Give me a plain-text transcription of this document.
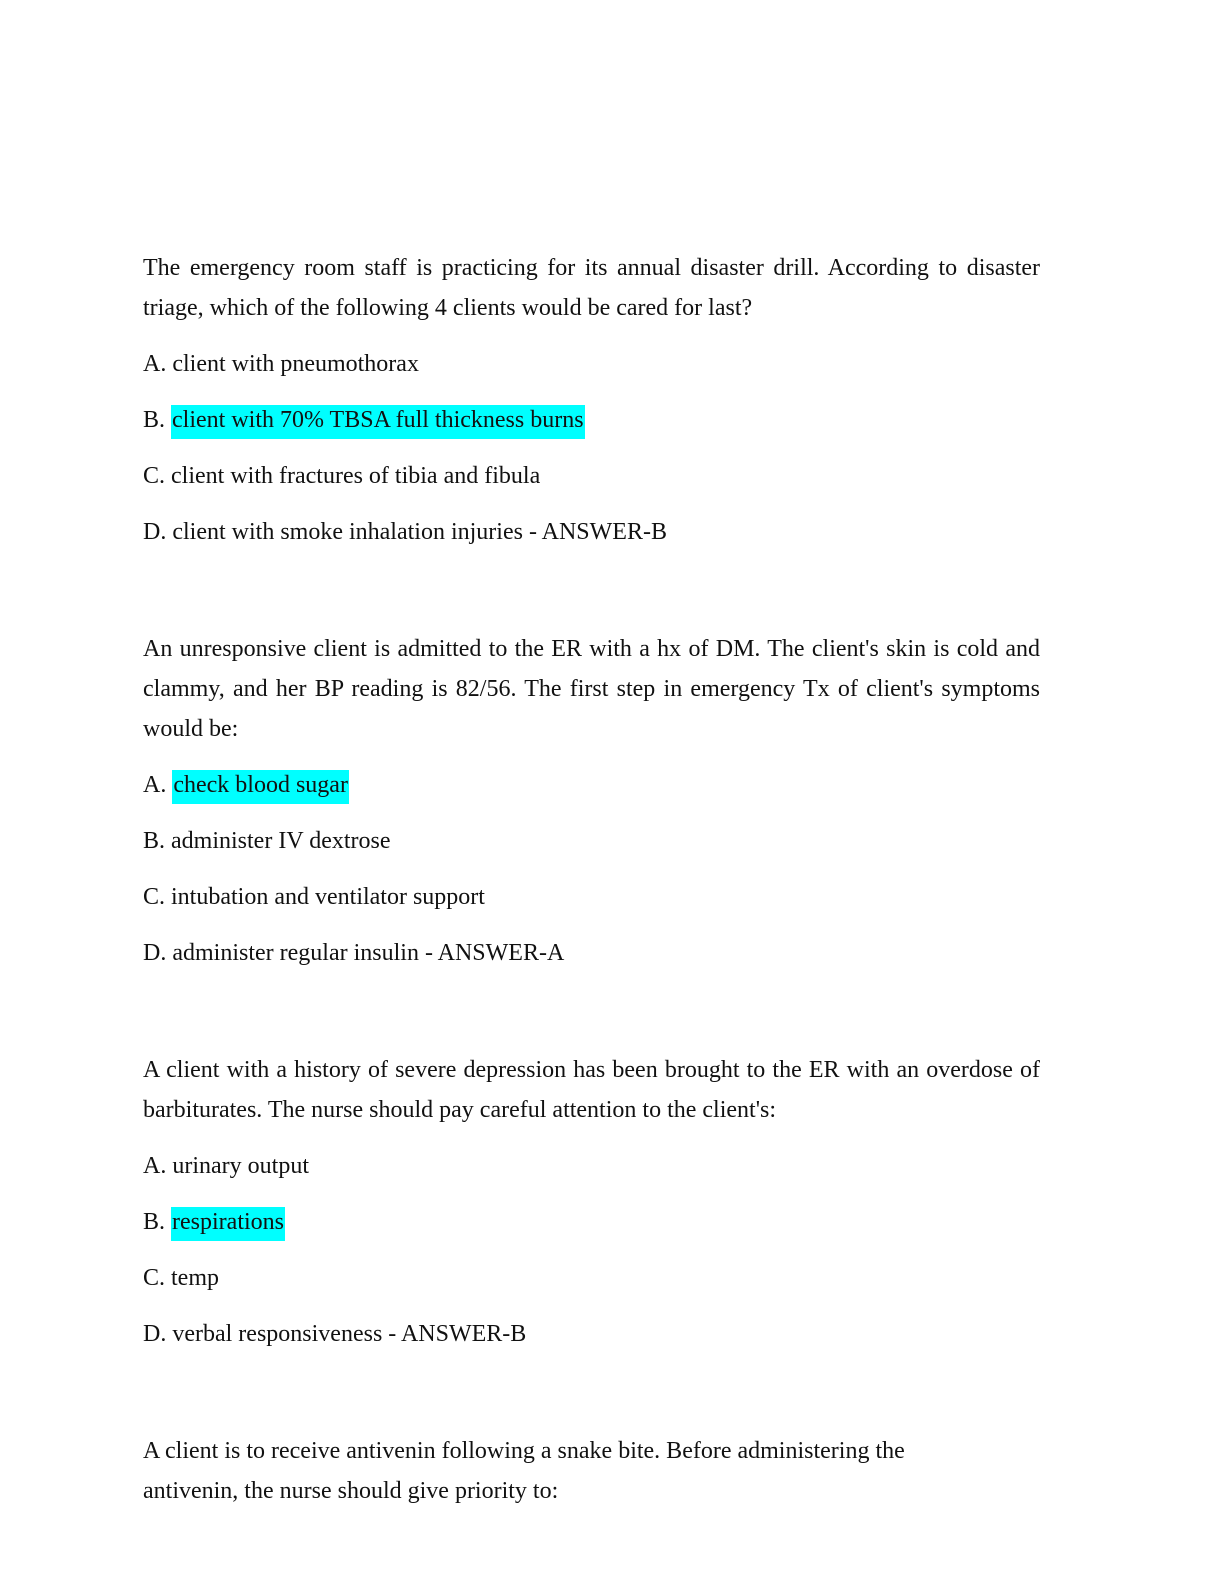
The emergency room staff is practicing for its annual disaster drill. According to disaster triage, which of the following 4 clients would be cared for last?

A. client with pneumothorax

B. client with 70% TBSA full thickness burns

C. client with fractures of tibia and fibula

D. client with smoke inhalation injuries - ANSWER-B

An unresponsive client is admitted to the ER with a hx of DM. The client's skin is cold and clammy, and her BP reading is 82/56. The first step in emergency Tx of client's symptoms would be:

A. check blood sugar

B. administer IV dextrose

C. intubation and ventilator support

D. administer regular insulin - ANSWER-A

A client with a history of severe depression has been brought to the ER with an overdose of barbiturates. The nurse should pay careful attention to the client's:

A. urinary output

B. respirations

C. temp

D. verbal responsiveness - ANSWER-B

A client is to receive antivenin following a snake bite. Before administering the antivenin, the nurse should give priority to:
